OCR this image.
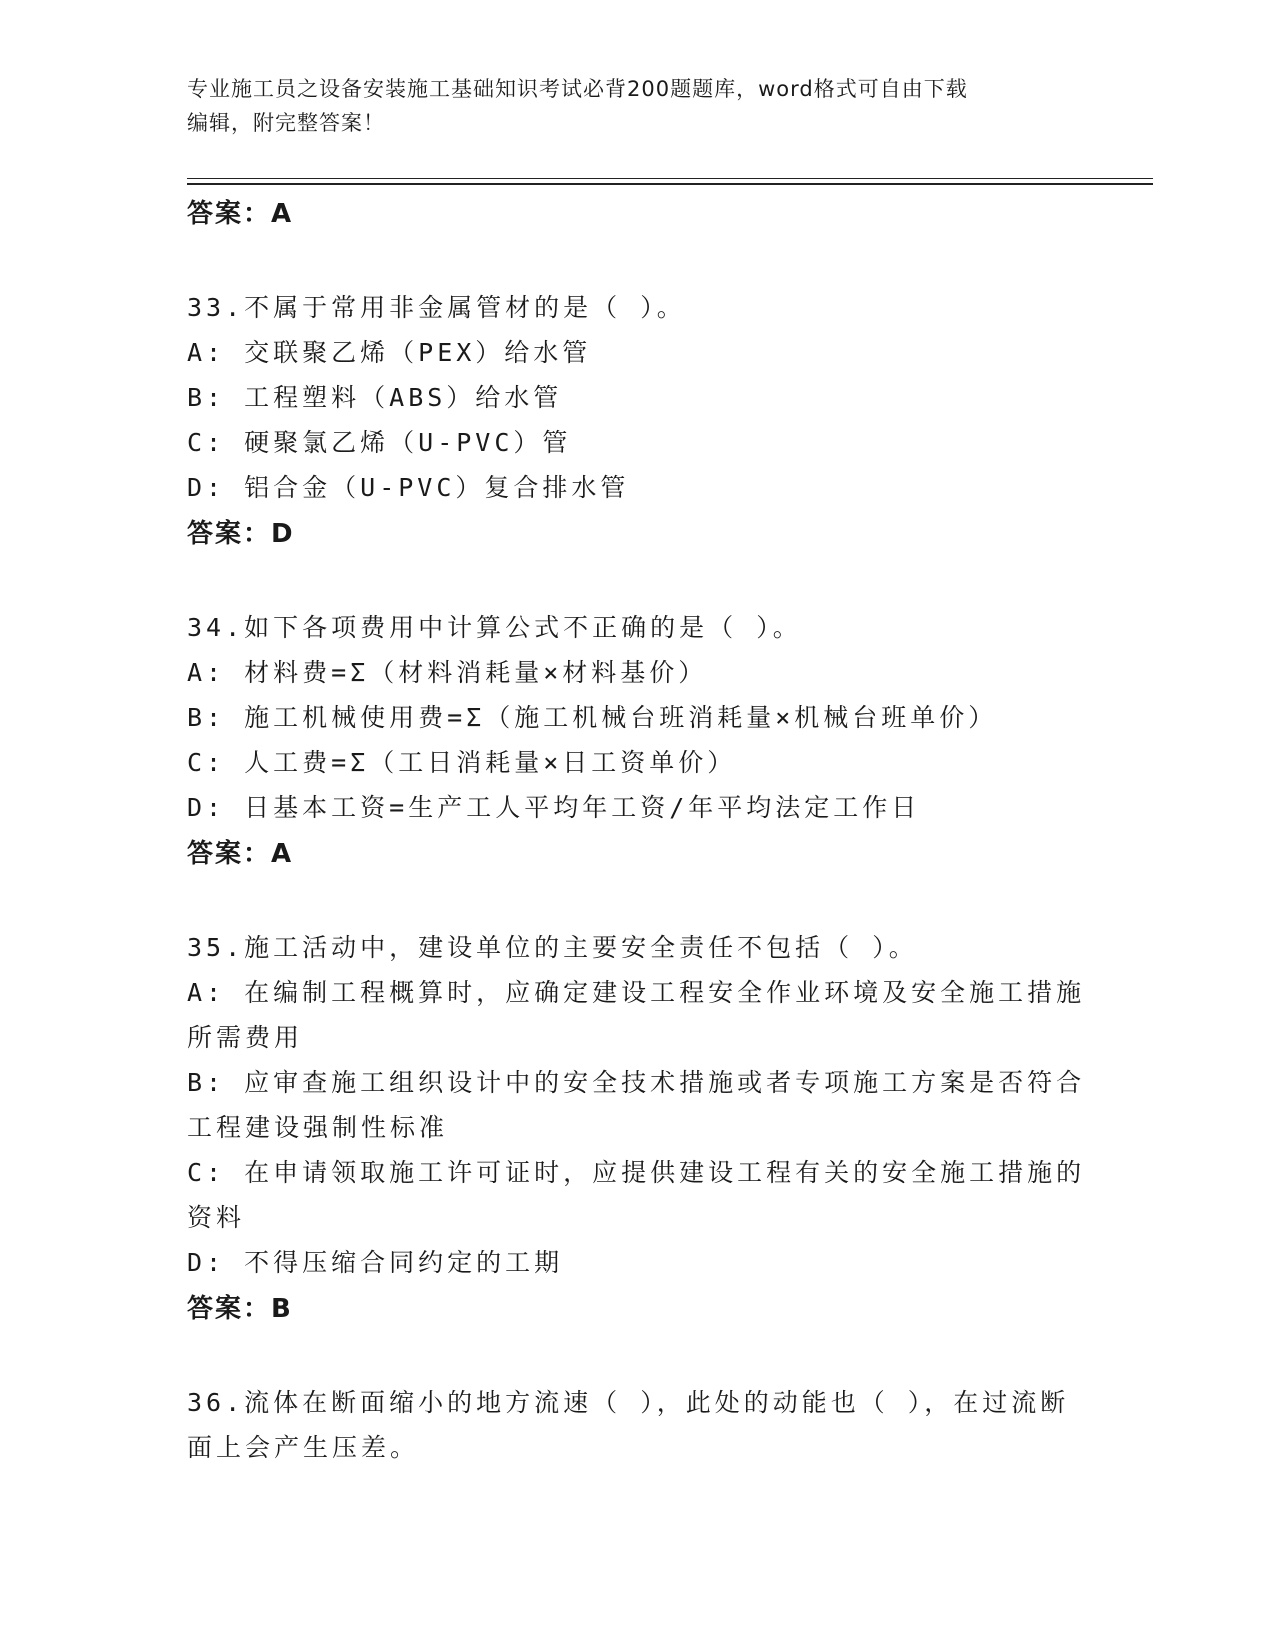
专业施工员之设备安装施工基础知识考试必背200题题库，word格式可自由下载
编辑，附完整答案！
答案：A
33.不属于常用非金属管材的是（ ）。
A: 交联聚乙烯（PEX）给水管
B: 工程塑料（ABS）给水管
C: 硬聚氯乙烯（U-PVC）管
D: 铝合金（U-PVC）复合排水管
答案：D
34.如下各项费用中计算公式不正确的是（ ）。
A: 材料费=Σ（材料消耗量×材料基价）
B: 施工机械使用费=Σ（施工机械台班消耗量×机械台班单价）
C: 人工费=Σ（工日消耗量×日工资单价）
D: 日基本工资=生产工人平均年工资/年平均法定工作日
答案：A
35.施工活动中，建设单位的主要安全责任不包括（ ）。
A: 在编制工程概算时，应确定建设工程安全作业环境及安全施工措施
所需费用
B: 应审查施工组织设计中的安全技术措施或者专项施工方案是否符合
工程建设强制性标准
C: 在申请领取施工许可证时，应提供建设工程有关的安全施工措施的
资料
D: 不得压缩合同约定的工期
答案：B
36.流体在断面缩小的地方流速（ ），此处的动能也（ ），在过流断
面上会产生压差。
